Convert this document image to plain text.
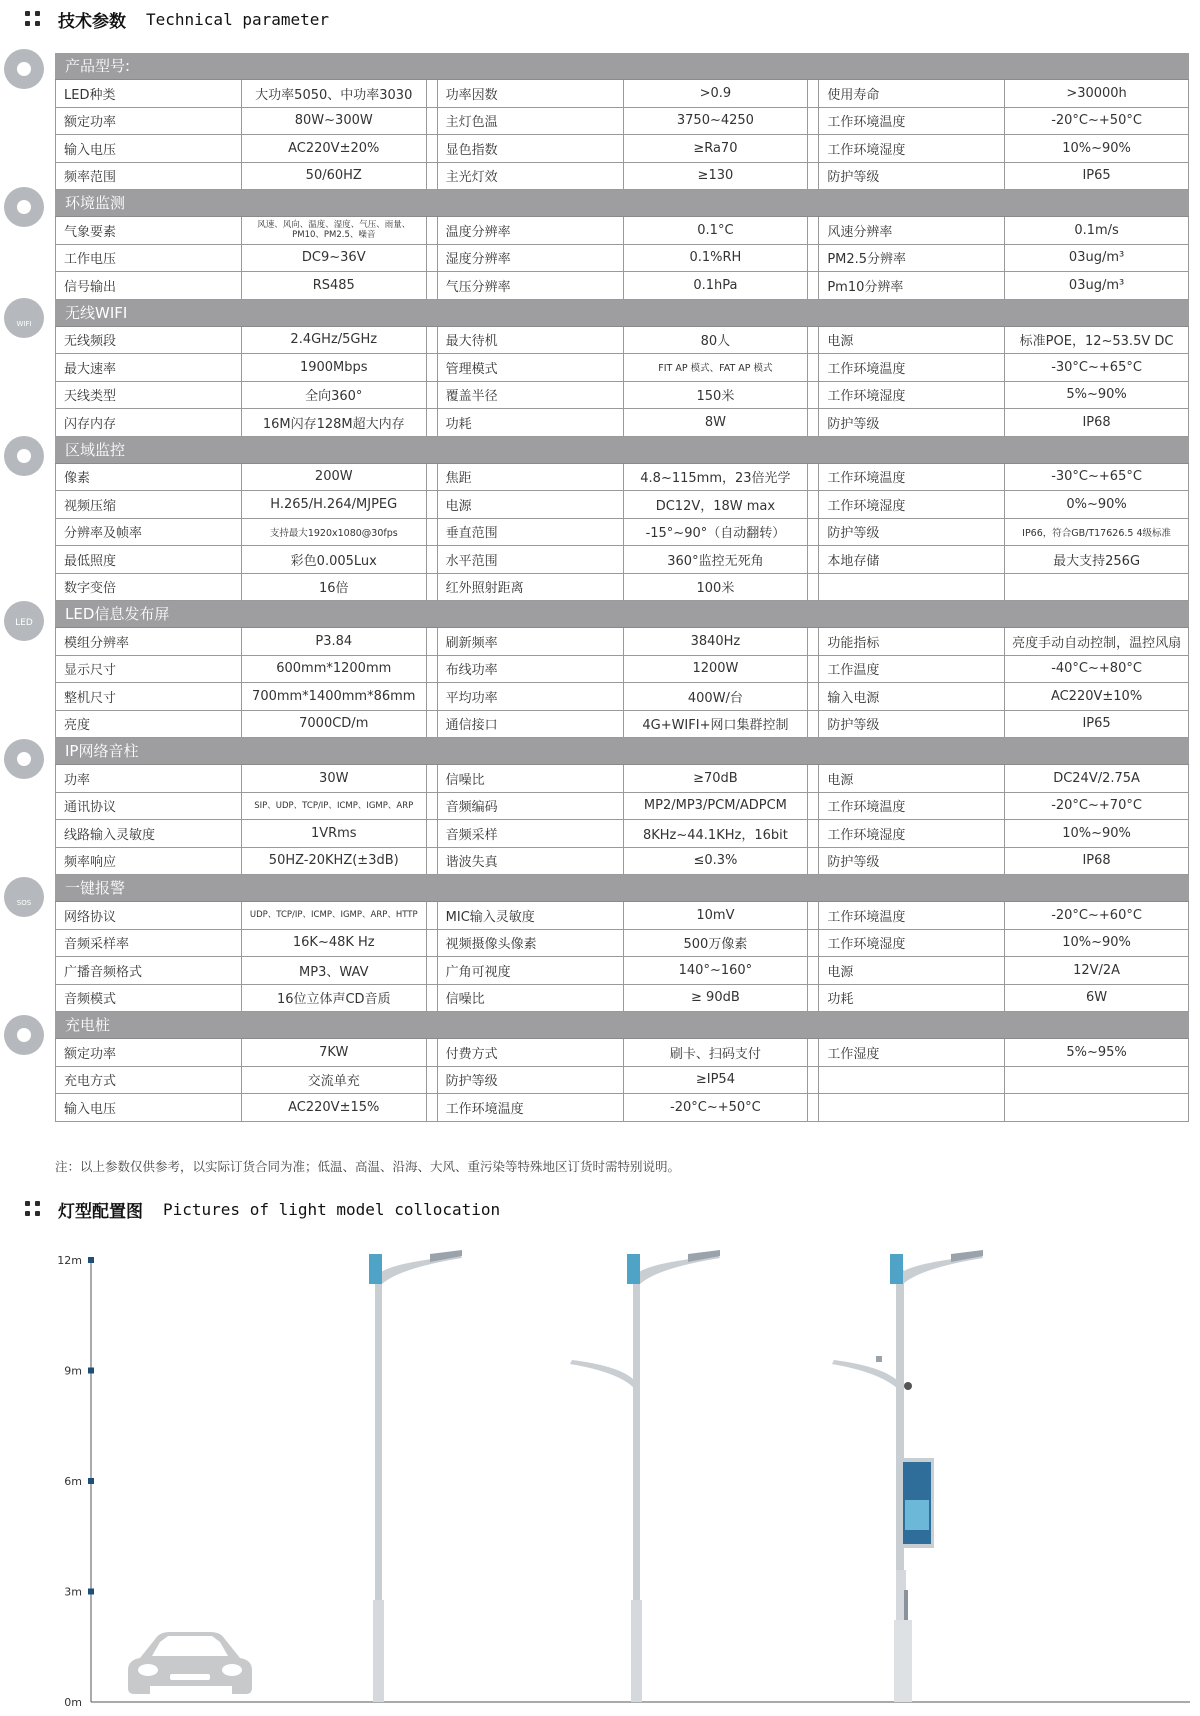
技术参数 Technical parameter
产品型号:
LED种类	大功率5050、中功率3030	功率因数	>0.9	使用寿命	>30000h
额定功率	80W~300W	主灯色温	3750~4250	工作环境温度	-20°C~+50°C
输入电压	AC220V±20%	显色指数	≥Ra70	工作环境湿度	10%~90%
频率范围	50/60HZ	主光灯效	≥130	防护等级	IP65
环境监测
气象要素	风速、风向、温度、湿度、气压、雨量、PM10、PM2.5、噪音	温度分辨率	0.1°C	风速分辨率	0.1m/s
工作电压	DC9~36V	湿度分辨率	0.1%RH	PM2.5分辨率	03ug/m³
信号输出	RS485	气压分辨率	0.1hPa	Pm10分辨率	03ug/m³
无线WIFI
无线频段	2.4GHz/5GHz	最大待机	80人	电源	标准POE，12~53.5V DC
最大速率	1900Mbps	管理模式	FIT AP 模式、FAT AP 模式	工作环境温度	-30°C~+65°C
天线类型	全向360°	覆盖半径	150米	工作环境湿度	5%~90%
闪存内存	16M闪存128M超大内存	功耗	8W	防护等级	IP68
区域监控
像素	200W	焦距	4.8~115mm，23倍光学	工作环境温度	-30°C~+65°C
视频压缩	H.265/H.264/MJPEG	电源	DC12V，18W max	工作环境湿度	0%~90%
分辨率及帧率	支持最大1920x1080@30fps	垂直范围	-15°~90°（自动翻转）	防护等级	IP66，符合GB/T17626.5 4级标准
最低照度	彩色0.005Lux	水平范围	360°监控无死角	本地存储	最大支持256G
数字变倍	16倍	红外照射距离	100米
LED信息发布屏
模组分辨率	P3.84	刷新频率	3840Hz	功能指标	亮度手动自动控制，温控风扇
显示尺寸	600mm*1200mm	布线功率	1200W	工作温度	-40°C~+80°C
整机尺寸	700mm*1400mm*86mm	平均功率	400W/台	输入电源	AC220V±10%
亮度	7000CD/m	通信接口	4G+WIFI+网口集群控制	防护等级	IP65
IP网络音柱
功率	30W	信噪比	≥70dB	电源	DC24V/2.75A
通讯协议	SIP、UDP、TCP/IP、ICMP、IGMP、ARP	音频编码	MP2/MP3/PCM/ADPCM	工作环境温度	-20°C~+70°C
线路输入灵敏度	1VRms	音频采样	8KHz~44.1KHz，16bit	工作环境湿度	10%~90%
频率响应	50HZ-20KHZ(±3dB)	谐波失真	≤0.3%	防护等级	IP68
一键报警
网络协议	UDP、TCP/IP、ICMP、IGMP、ARP、HTTP	MIC输入灵敏度	10mV	工作环境温度	-20°C~+60°C
音频采样率	16K~48K Hz	视频摄像头像素	500万像素	工作环境湿度	10%~90%
广播音频格式	MP3、WAV	广角可视度	140°~160°	电源	12V/2A
音频模式	16位立体声CD音质	信噪比	≥ 90dB	功耗	6W
充电桩
额定功率	7KW	付费方式	刷卡、扫码支付	工作湿度	5%~95%
充电方式	交流单充	防护等级	≥IP54
输入电压	AC220V±15%	工作环境温度	-20°C~+50°C
WIFI
LED
SOS
注：以上参数仅供参考，以实际订货合同为准；低温、高温、沿海、大风、重污染等特殊地区订货时需特别说明。
灯型配置图 Pictures of light model collocation
12m
9m
6m
3m
0m
